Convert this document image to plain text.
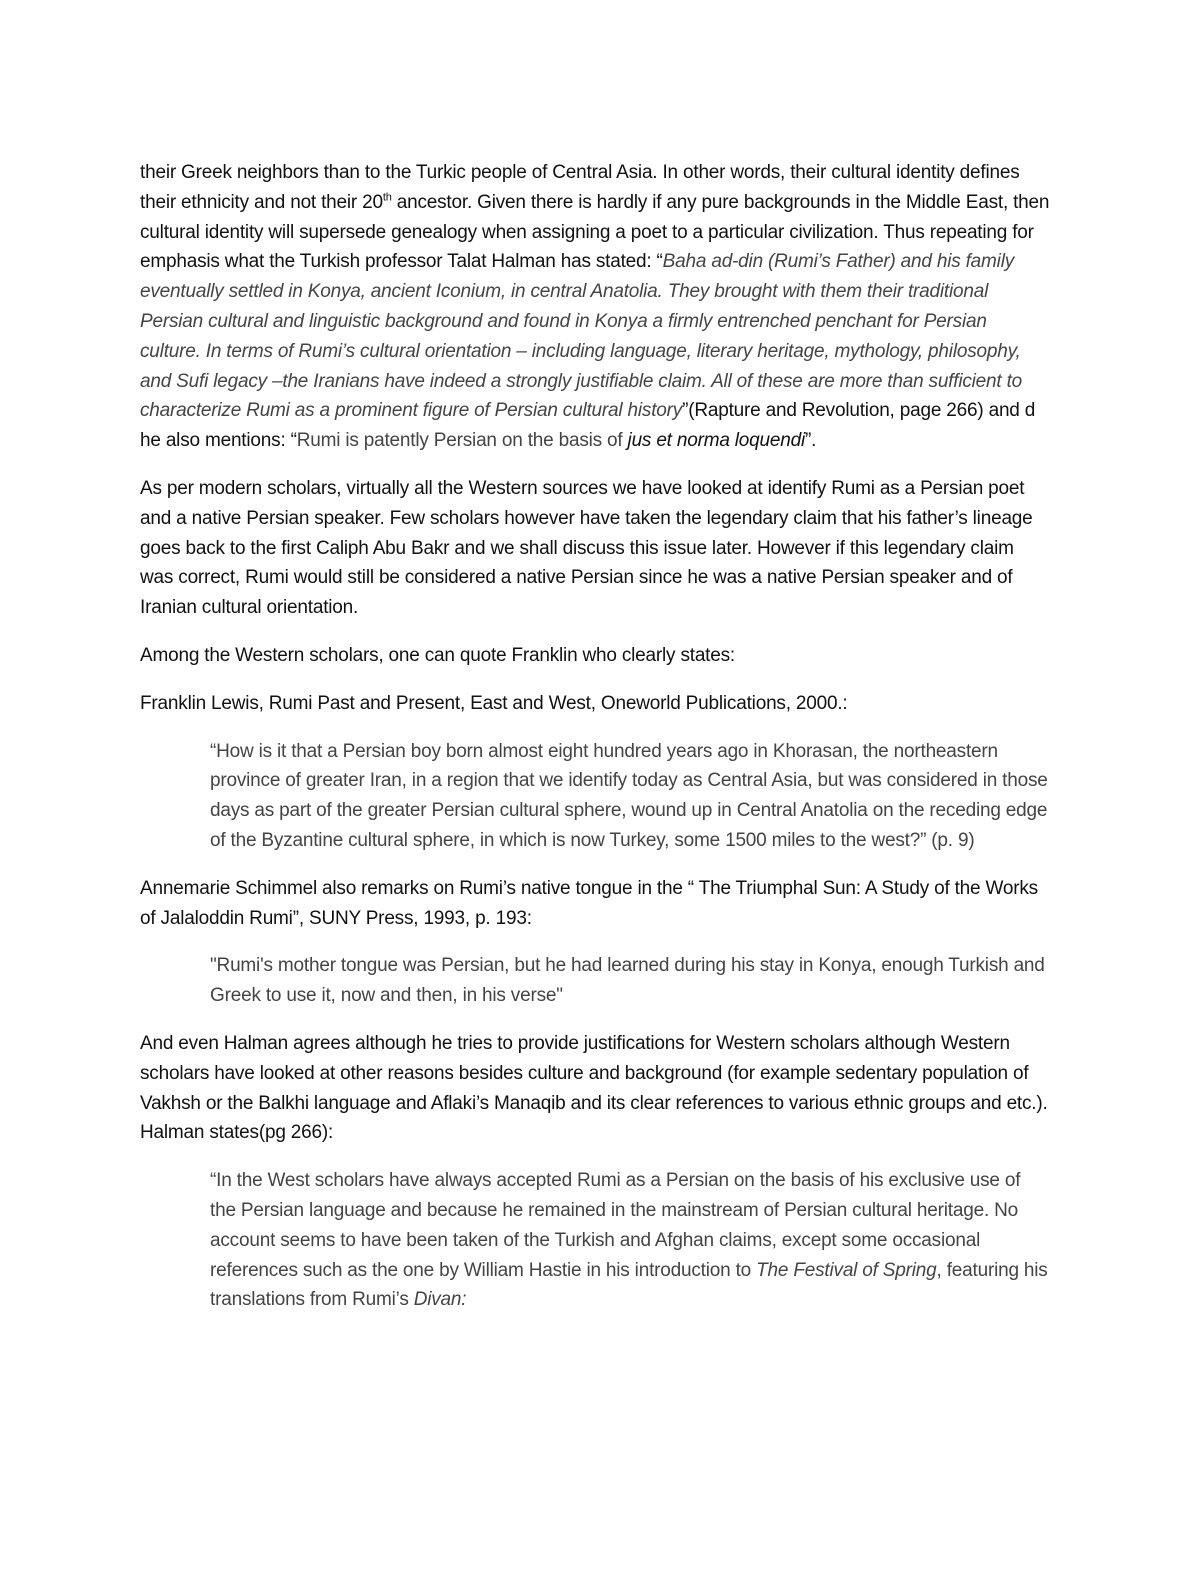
their Greek neighbors than to the Turkic people of Central Asia. In other words, their cultural identity defines their ethnicity and not their 20th ancestor. Given there is hardly if any pure backgrounds in the Middle East, then cultural identity will supersede genealogy when assigning a poet to a particular civilization. Thus repeating for emphasis what the Turkish professor Talat Halman has stated: “Baha ad-din (Rumi’s Father) and his family eventually settled in Konya, ancient Iconium, in central Anatolia. They brought with them their traditional Persian cultural and linguistic background and found in Konya a firmly entrenched penchant for Persian culture. In terms of Rumi’s cultural orientation – including language, literary heritage, mythology, philosophy, and Sufi legacy –the Iranians have indeed a strongly justifiable claim. All of these are more than sufficient to characterize Rumi as a prominent figure of Persian cultural history”(Rapture and Revolution, page 266) and d he also mentions: “Rumi is patently Persian on the basis of jus et norma loquendi”.

As per modern scholars, virtually all the Western sources we have looked at identify Rumi as a Persian poet and a native Persian speaker. Few scholars however have taken the legendary claim that his father’s lineage goes back to the first Caliph Abu Bakr and we shall discuss this issue later. However if this legendary claim was correct, Rumi would still be considered a native Persian since he was a native Persian speaker and of Iranian cultural orientation.

Among the Western scholars, one can quote Franklin who clearly states:

Franklin Lewis, Rumi Past and Present, East and West, Oneworld Publications, 2000.:

“How is it that a Persian boy born almost eight hundred years ago in Khorasan, the northeastern province of greater Iran, in a region that we identify today as Central Asia, but was considered in those days as part of the greater Persian cultural sphere, wound up in Central Anatolia on the receding edge of the Byzantine cultural sphere, in which is now Turkey, some 1500 miles to the west?” (p. 9)

Annemarie Schimmel also remarks on Rumi’s native tongue in the “ The Triumphal Sun: A Study of the Works of Jalaloddin Rumi”, SUNY Press, 1993, p. 193:

"Rumi's mother tongue was Persian, but he had learned during his stay in Konya, enough Turkish and Greek to use it, now and then, in his verse"

And even Halman agrees although he tries to provide justifications for Western scholars although Western scholars have looked at other reasons besides culture and background (for example sedentary population of Vakhsh or the Balkhi language and Aflaki’s Manaqib and its clear references to various ethnic groups and etc.). Halman states(pg 266):

“In the West scholars have always accepted Rumi as a Persian on the basis of his exclusive use of the Persian language and because he remained in the mainstream of Persian cultural heritage. No account seems to have been taken of the Turkish and Afghan claims, except some occasional references such as the one by William Hastie in his introduction to The Festival of Spring, featuring his translations from Rumi’s Divan:
